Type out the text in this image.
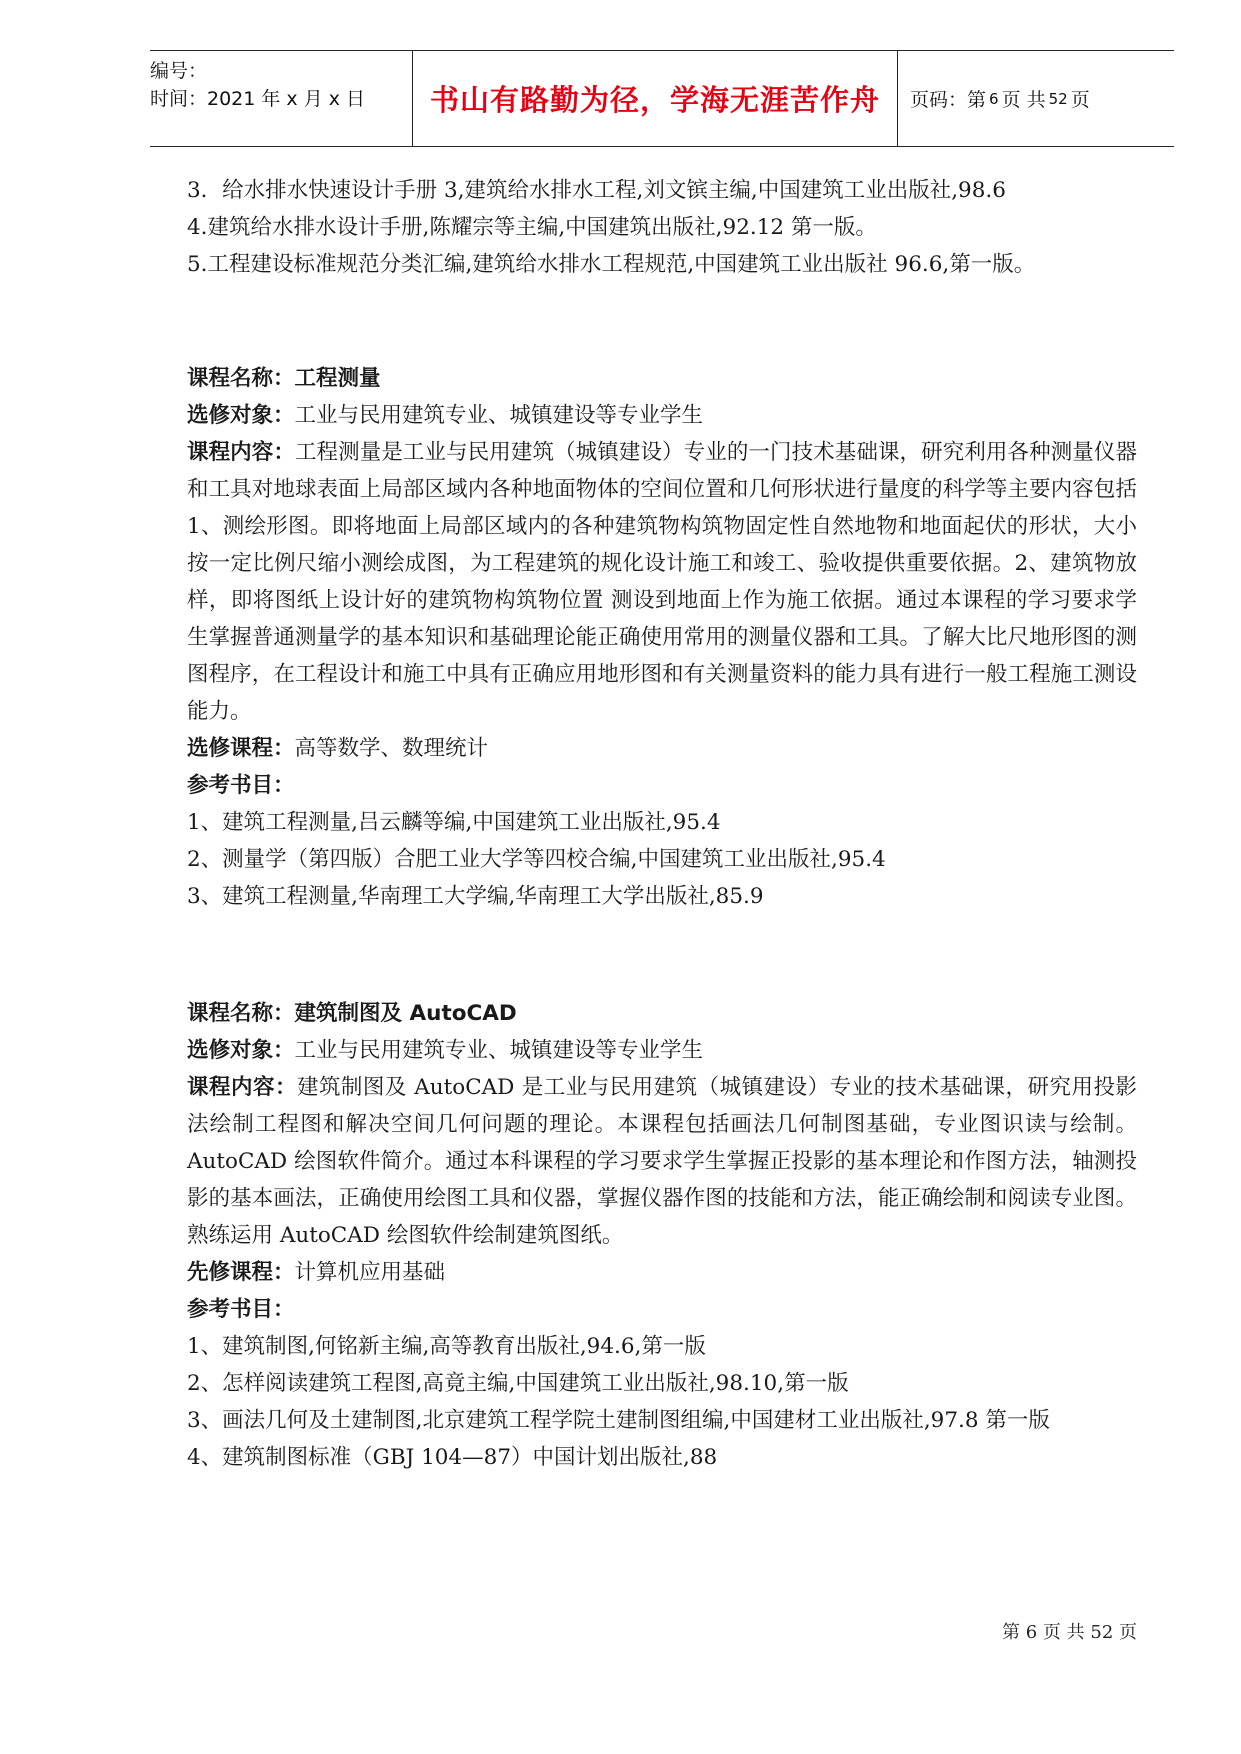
编号：
时间：2021 年 x 月 x 日	书山有路勤为径，学海无涯苦作舟	页码：第 6 页 共 52 页

3．给水排水快速设计手册 3,建筑给水排水工程,刘文镔主编,中国建筑工业出版社,98.6

4.建筑给水排水设计手册,陈耀宗等主编,中国建筑出版社,92.12 第一版。

5.工程建设标准规范分类汇编,建筑给水排水工程规范,中国建筑工业出版社 96.6,第一版。

课程名称：工程测量

选修对象：工业与民用建筑专业、城镇建设等专业学生

课程内容：工程测量是工业与民用建筑（城镇建设）专业的一门技术基础课，研究利用各种测量仪器和工具对地球表面上局部区域内各种地面物体的空间位置和几何形状进行量度的科学等主要内容包括 1、测绘形图。即将地面上局部区域内的各种建筑物构筑物固定性自然地物和地面起伏的形状，大小按一定比例尺缩小测绘成图，为工程建筑的规化设计施工和竣工、验收提供重要依据。2、建筑物放样，即将图纸上设计好的建筑物构筑物位置 测设到地面上作为施工依据。通过本课程的学习要求学生掌握普通测量学的基本知识和基础理论能正确使用常用的测量仪器和工具。了解大比尺地形图的测图程序，在工程设计和施工中具有正确应用地形图和有关测量资料的能力具有进行一般工程施工测设能力。

选修课程：高等数学、数理统计

参考书目：

1、建筑工程测量,吕云麟等编,中国建筑工业出版社,95.4

2、测量学（第四版）合肥工业大学等四校合编,中国建筑工业出版社,95.4

3、建筑工程测量,华南理工大学编,华南理工大学出版社,85.9

课程名称：建筑制图及 AutoCAD

选修对象：工业与民用建筑专业、城镇建设等专业学生

课程内容：建筑制图及 AutoCAD 是工业与民用建筑（城镇建设）专业的技术基础课，研究用投影法绘制工程图和解决空间几何问题的理论。本课程包括画法几何制图基础，专业图识读与绘制。AutoCAD 绘图软件简介。通过本科课程的学习要求学生掌握正投影的基本理论和作图方法，轴测投影的基本画法，正确使用绘图工具和仪器，掌握仪器作图的技能和方法，能正确绘制和阅读专业图。熟练运用 AutoCAD 绘图软件绘制建筑图纸。

先修课程：计算机应用基础

参考书目：

1、建筑制图,何铭新主编,高等教育出版社,94.6,第一版

2、怎样阅读建筑工程图,高竟主编,中国建筑工业出版社,98.10,第一版

3、画法几何及土建制图,北京建筑工程学院土建制图组编,中国建材工业出版社,97.8 第一版

4、建筑制图标准（GBJ 104—87）中国计划出版社,88

第 6 页 共 52 页
